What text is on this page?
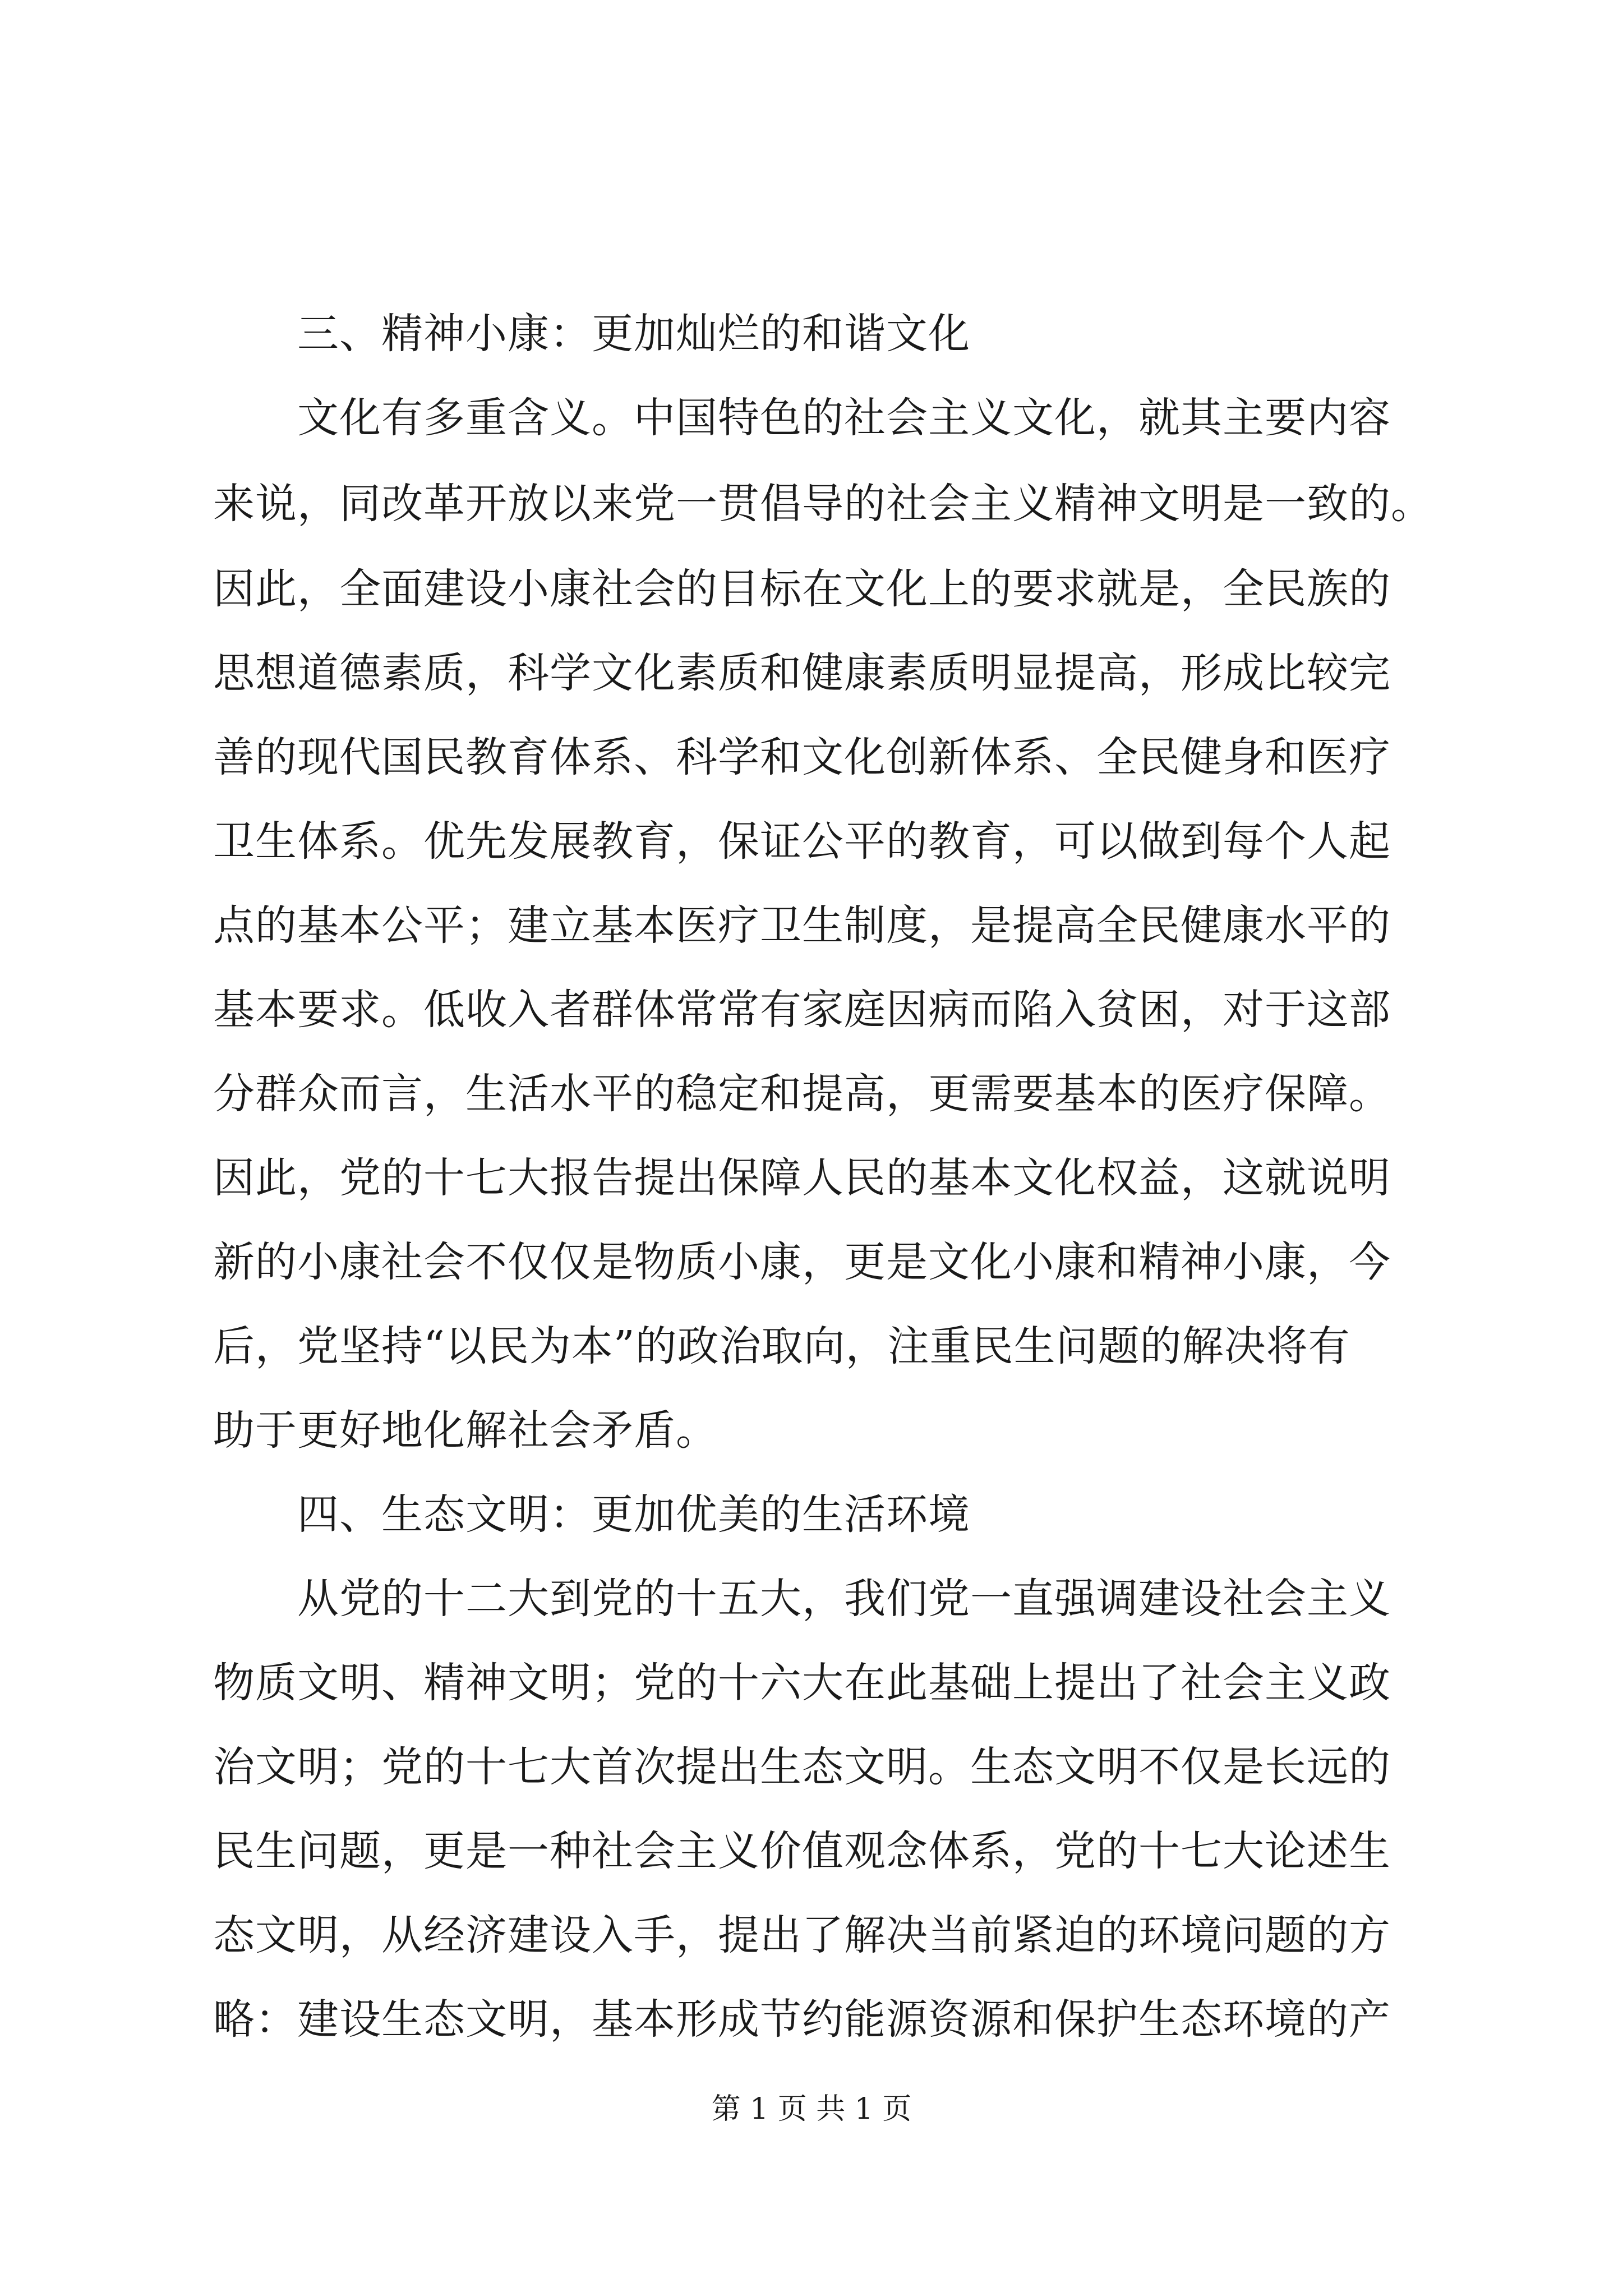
三、精神小康：更加灿烂的和谐文化
文化有多重含义。中国特色的社会主义文化，就其主要内容
来说，同改革开放以来党一贯倡导的社会主义精神文明是一致的。
因此，全面建设小康社会的目标在文化上的要求就是，全民族的
思想道德素质，科学文化素质和健康素质明显提高，形成比较完
善的现代国民教育体系、科学和文化创新体系、全民健身和医疗
卫生体系。优先发展教育，保证公平的教育，可以做到每个人起
点的基本公平；建立基本医疗卫生制度，是提高全民健康水平的
基本要求。低收入者群体常常有家庭因病而陷入贫困，对于这部
分群众而言，生活水平的稳定和提高，更需要基本的医疗保障。
因此，党的十七大报告提出保障人民的基本文化权益，这就说明
新的小康社会不仅仅是物质小康，更是文化小康和精神小康，今
后，党坚持“以民为本”的政治取向，注重民生问题的解决将有
助于更好地化解社会矛盾。
四、生态文明：更加优美的生活环境
从党的十二大到党的十五大，我们党一直强调建设社会主义
物质文明、精神文明；党的十六大在此基础上提出了社会主义政
治文明；党的十七大首次提出生态文明。生态文明不仅是长远的
民生问题，更是一种社会主义价值观念体系，党的十七大论述生
态文明，从经济建设入手，提出了解决当前紧迫的环境问题的方
略：建设生态文明，基本形成节约能源资源和保护生态环境的产
第 1 页 共 1 页
